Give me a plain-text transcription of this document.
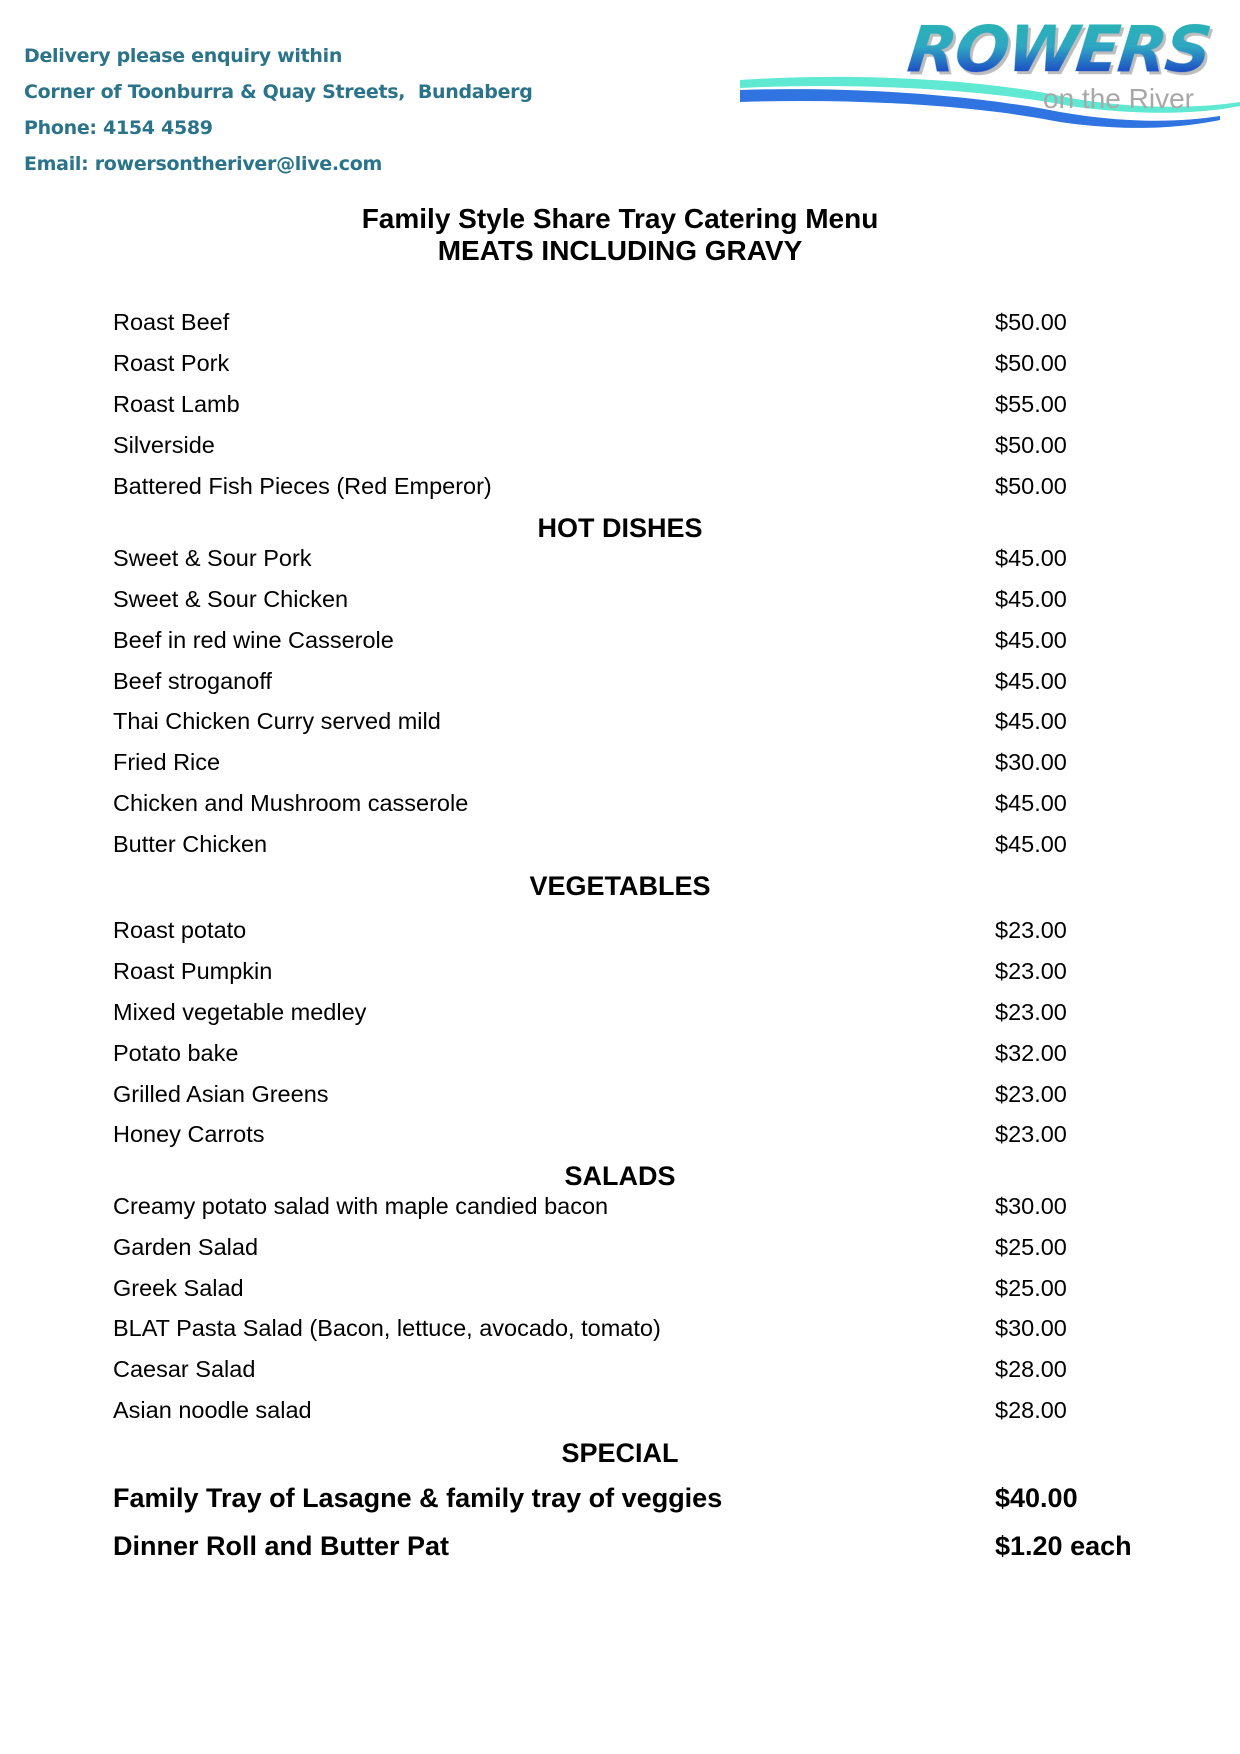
Delivery please enquiry within
Corner of Toonburra & Quay Streets,  Bundaberg
Phone: 4154 4589
Email: rowersontheriver@live.com
ROWERS
on the River
Family Style Share Tray Catering Menu
MEATS INCLUDING GRAVY
Roast Beef	$50.00
Roast Pork	$50.00
Roast Lamb	$55.00
Silverside	$50.00
Battered Fish Pieces (Red Emperor)	$50.00
HOT DISHES
Sweet & Sour Pork	$45.00
Sweet & Sour Chicken	$45.00
Beef in red wine Casserole	$45.00
Beef stroganoff	$45.00
Thai Chicken Curry served mild	$45.00
Fried Rice	$30.00
Chicken and Mushroom casserole	$45.00
Butter Chicken	$45.00
VEGETABLES
Roast potato	$23.00
Roast Pumpkin	$23.00
Mixed vegetable medley	$23.00
Potato bake	$32.00
Grilled Asian Greens	$23.00
Honey Carrots	$23.00
SALADS
Creamy potato salad with maple candied bacon	$30.00
Garden Salad	$25.00
Greek Salad	$25.00
BLAT Pasta Salad (Bacon, lettuce, avocado, tomato)	$30.00
Caesar Salad	$28.00
Asian noodle salad	$28.00
SPECIAL
Family Tray of Lasagne & family tray of veggies	$40.00
Dinner Roll and Butter Pat	$1.20 each
